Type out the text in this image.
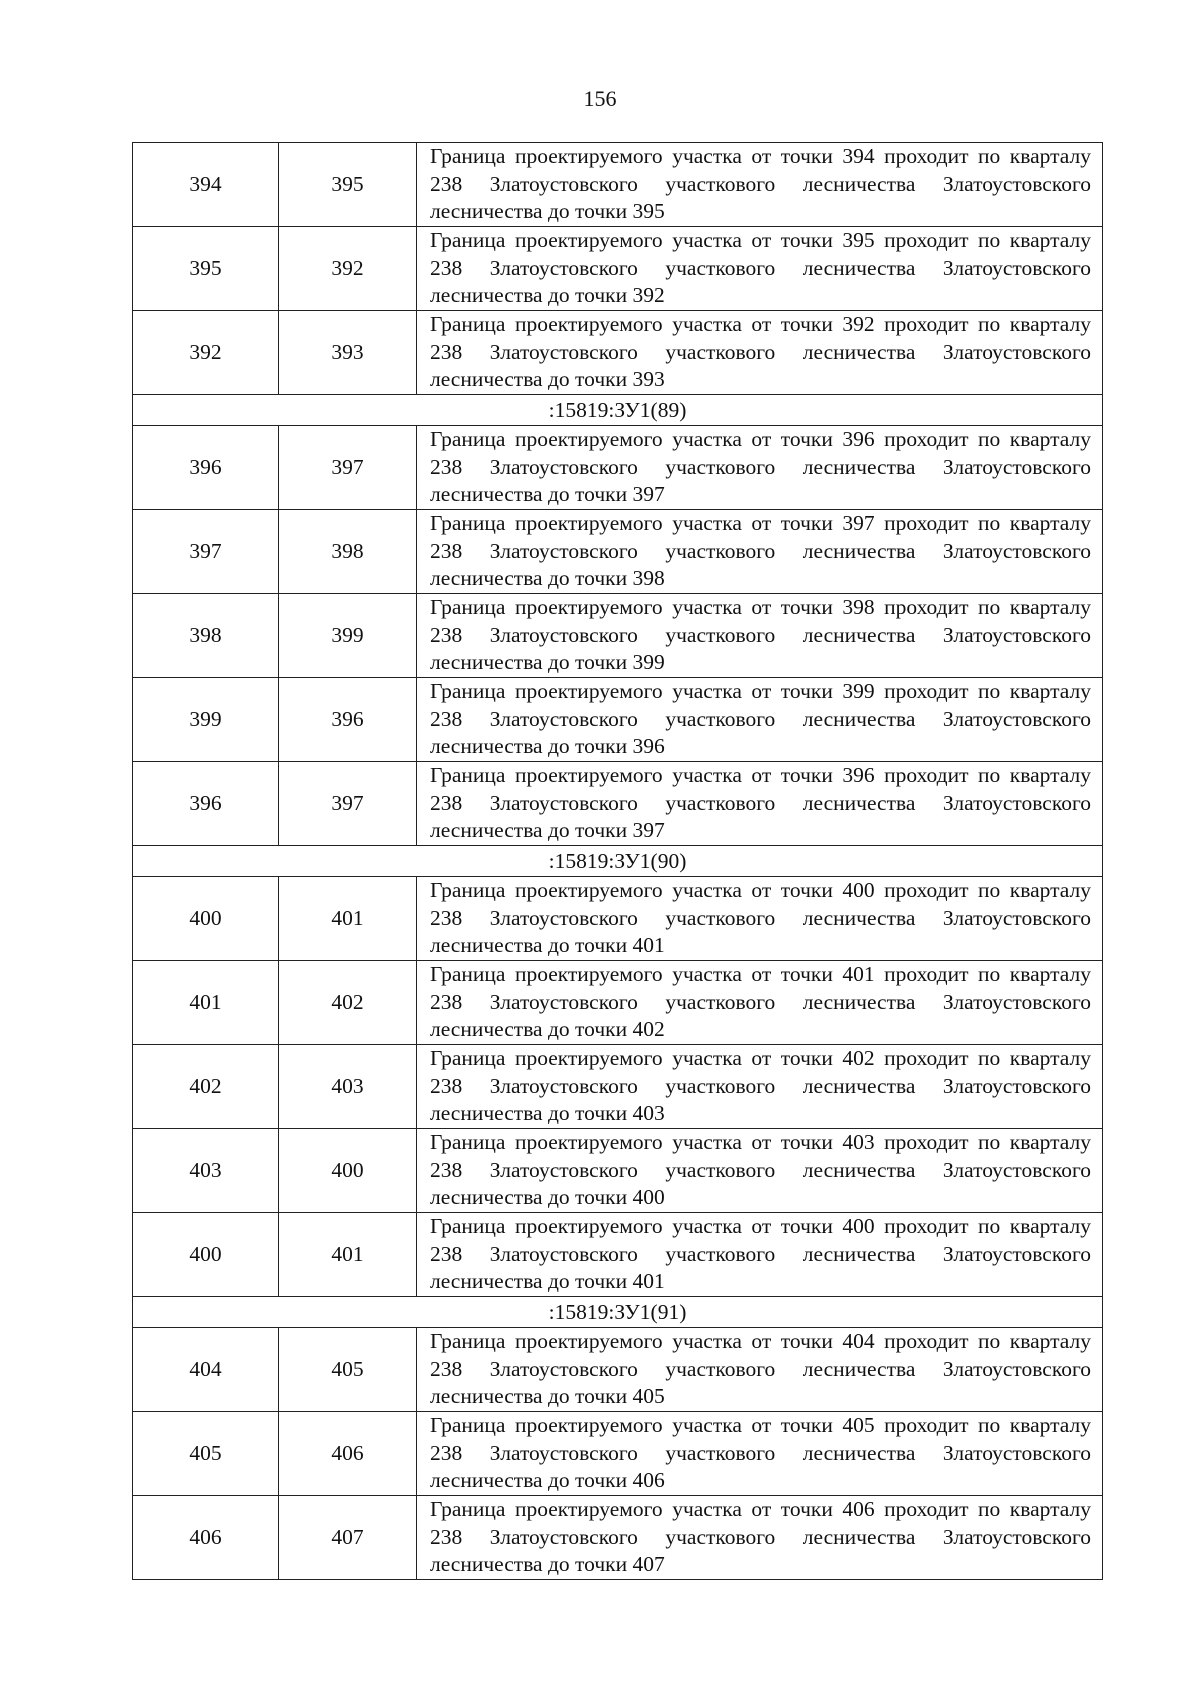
156
394	395	Граница проектируемого участка от точки 394 проходит по кварталу 238 Златоустовского участкового лесничества Златоустовского лесничества до точки 395
395	392	Граница проектируемого участка от точки 395 проходит по кварталу 238 Златоустовского участкового лесничества Златоустовского лесничества до точки 392
392	393	Граница проектируемого участка от точки 392 проходит по кварталу 238 Златоустовского участкового лесничества Златоустовского лесничества до точки 393
:15819:ЗУ1(89)		
396	397	Граница проектируемого участка от точки 396 проходит по кварталу 238 Златоустовского участкового лесничества Златоустовского лесничества до точки 397
397	398	Граница проектируемого участка от точки 397 проходит по кварталу 238 Златоустовского участкового лесничества Златоустовского лесничества до точки 398
398	399	Граница проектируемого участка от точки 398 проходит по кварталу 238 Златоустовского участкового лесничества Златоустовского лесничества до точки 399
399	396	Граница проектируемого участка от точки 399 проходит по кварталу 238 Златоустовского участкового лесничества Златоустовского лесничества до точки 396
396	397	Граница проектируемого участка от точки 396 проходит по кварталу 238 Златоустовского участкового лесничества Златоустовского лесничества до точки 397
:15819:ЗУ1(90)		
400	401	Граница проектируемого участка от точки 400 проходит по кварталу 238 Златоустовского участкового лесничества Златоустовского лесничества до точки 401
401	402	Граница проектируемого участка от точки 401 проходит по кварталу 238 Златоустовского участкового лесничества Златоустовского лесничества до точки 402
402	403	Граница проектируемого участка от точки 402 проходит по кварталу 238 Златоустовского участкового лесничества Златоустовского лесничества до точки 403
403	400	Граница проектируемого участка от точки 403 проходит по кварталу 238 Златоустовского участкового лесничества Златоустовского лесничества до точки 400
400	401	Граница проектируемого участка от точки 400 проходит по кварталу 238 Златоустовского участкового лесничества Златоустовского лесничества до точки 401
:15819:ЗУ1(91)		
404	405	Граница проектируемого участка от точки 404 проходит по кварталу 238 Златоустовского участкового лесничества Златоустовского лесничества до точки 405
405	406	Граница проектируемого участка от точки 405 проходит по кварталу 238 Златоустовского участкового лесничества Златоустовского лесничества до точки 406
406	407	Граница проектируемого участка от точки 406 проходит по кварталу 238 Златоустовского участкового лесничества Златоустовского лесничества до точки 407
